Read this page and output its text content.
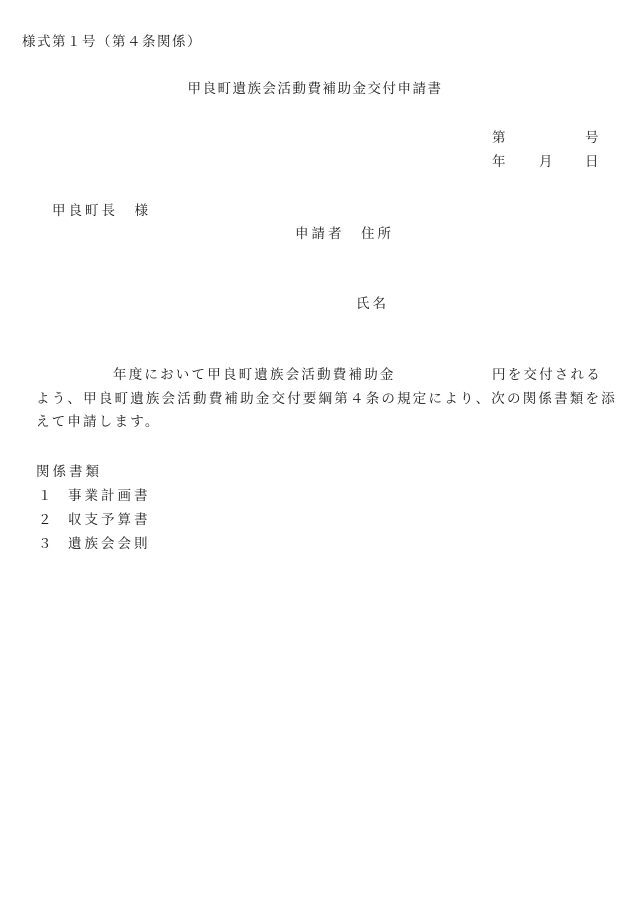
様式第１号（第４条関係）
甲良町遺族会活動費補助金交付申請書
第	号
年 月 日
甲良町長　様
申請者　住所
氏名
年度において甲良町遺族会活動費補助金	円を交付される
よう、甲良町遺族会活動費補助金交付要綱第４条の規定により、次の関係書類を添
えて申請します。
関係書類
１ 事業計画書
２ 収支予算書
３ 遺族会会則
